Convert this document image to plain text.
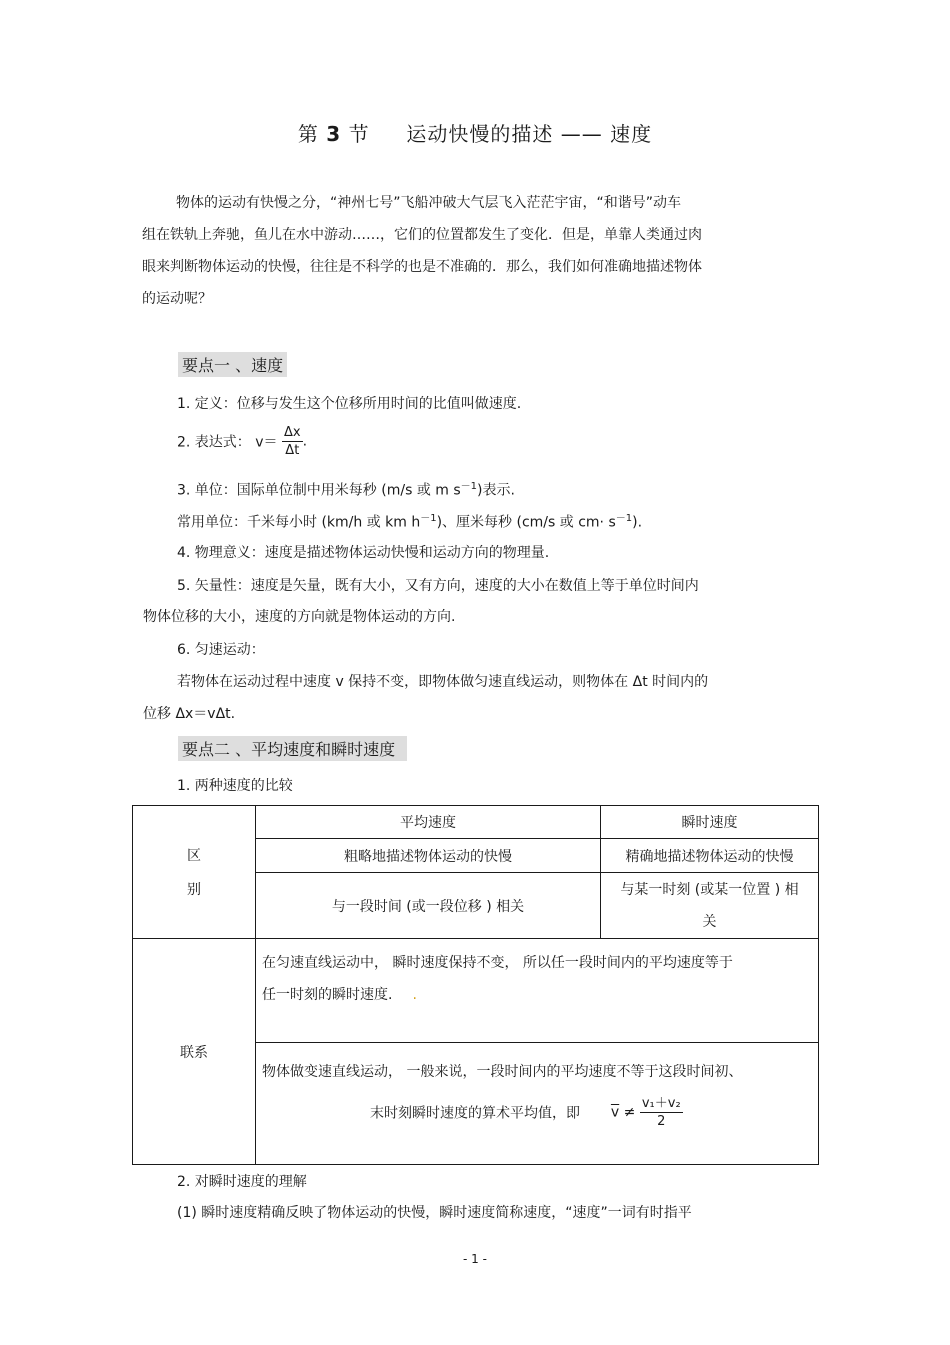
第 3 节 运动快慢的描述 —— 速度
物体的运动有快慢之分，“神州七号”飞船冲破大气层飞入茫茫宇宙，“和谐号”动车
组在铁轨上奔驰，鱼儿在水中游动……，它们的位置都发生了变化．但是，单靠人类通过肉
眼来判断物体运动的快慢，往往是不科学的也是不准确的．那么，我们如何准确地描述物体
的运动呢？
要点一 、速度
1. 定义：位移与发生这个位移所用时间的比值叫做速度.
2. 表达式： $v= \frac{\Delta x}{\Delta t}$ .
3. 单位：国际单位制中用米每秒 (m/s 或 m $s^{-1}$)表示.
常用单位：千米每小时 (km/h 或 km $h^{-1}$)、厘米每秒 (cm/s 或 $cm\cdot s^{-1}$).
4. 物理意义：速度是描述物体运动快慢和运动方向的物理量.
5. 矢量性：速度是矢量，既有大小，又有方向，速度的大小在数值上等于单位时间内
物体位移的大小，速度的方向就是物体运动的方向.
6. 匀速运动：
若物体在运动过程中速度 v 保持不变，即物体做匀速直线运动，则物体在 Δt 时间内的
位移 Δx＝vΔt.
要点二 、平均速度和瞬时速度
1. 两种速度的比较
区
别	平均速度	瞬时速度
	粗略地描述物体运动的快慢	精确地描述物体运动的快慢
	与一段时间 (或一段位移 ) 相关	与某一时刻 (或某一位置 ) 相
关

联系	在匀速直线运动中， 瞬时速度保持不变， 所以任一段时间内的平均速度等于
任一时刻的瞬时速度. .	

	物体做变速直线运动， 一般来说，一段时间内的平均速度不等于这段时间初、
末时刻瞬时速度的算术平均值，即 $\overline{v} \ne \frac{\text{v₁＋v₂}}{2}$
2. 对瞬时速度的理解
(1) 瞬时速度精确反映了物体运动的快慢，瞬时速度简称速度，“速度”一词有时指平
- 1 -
